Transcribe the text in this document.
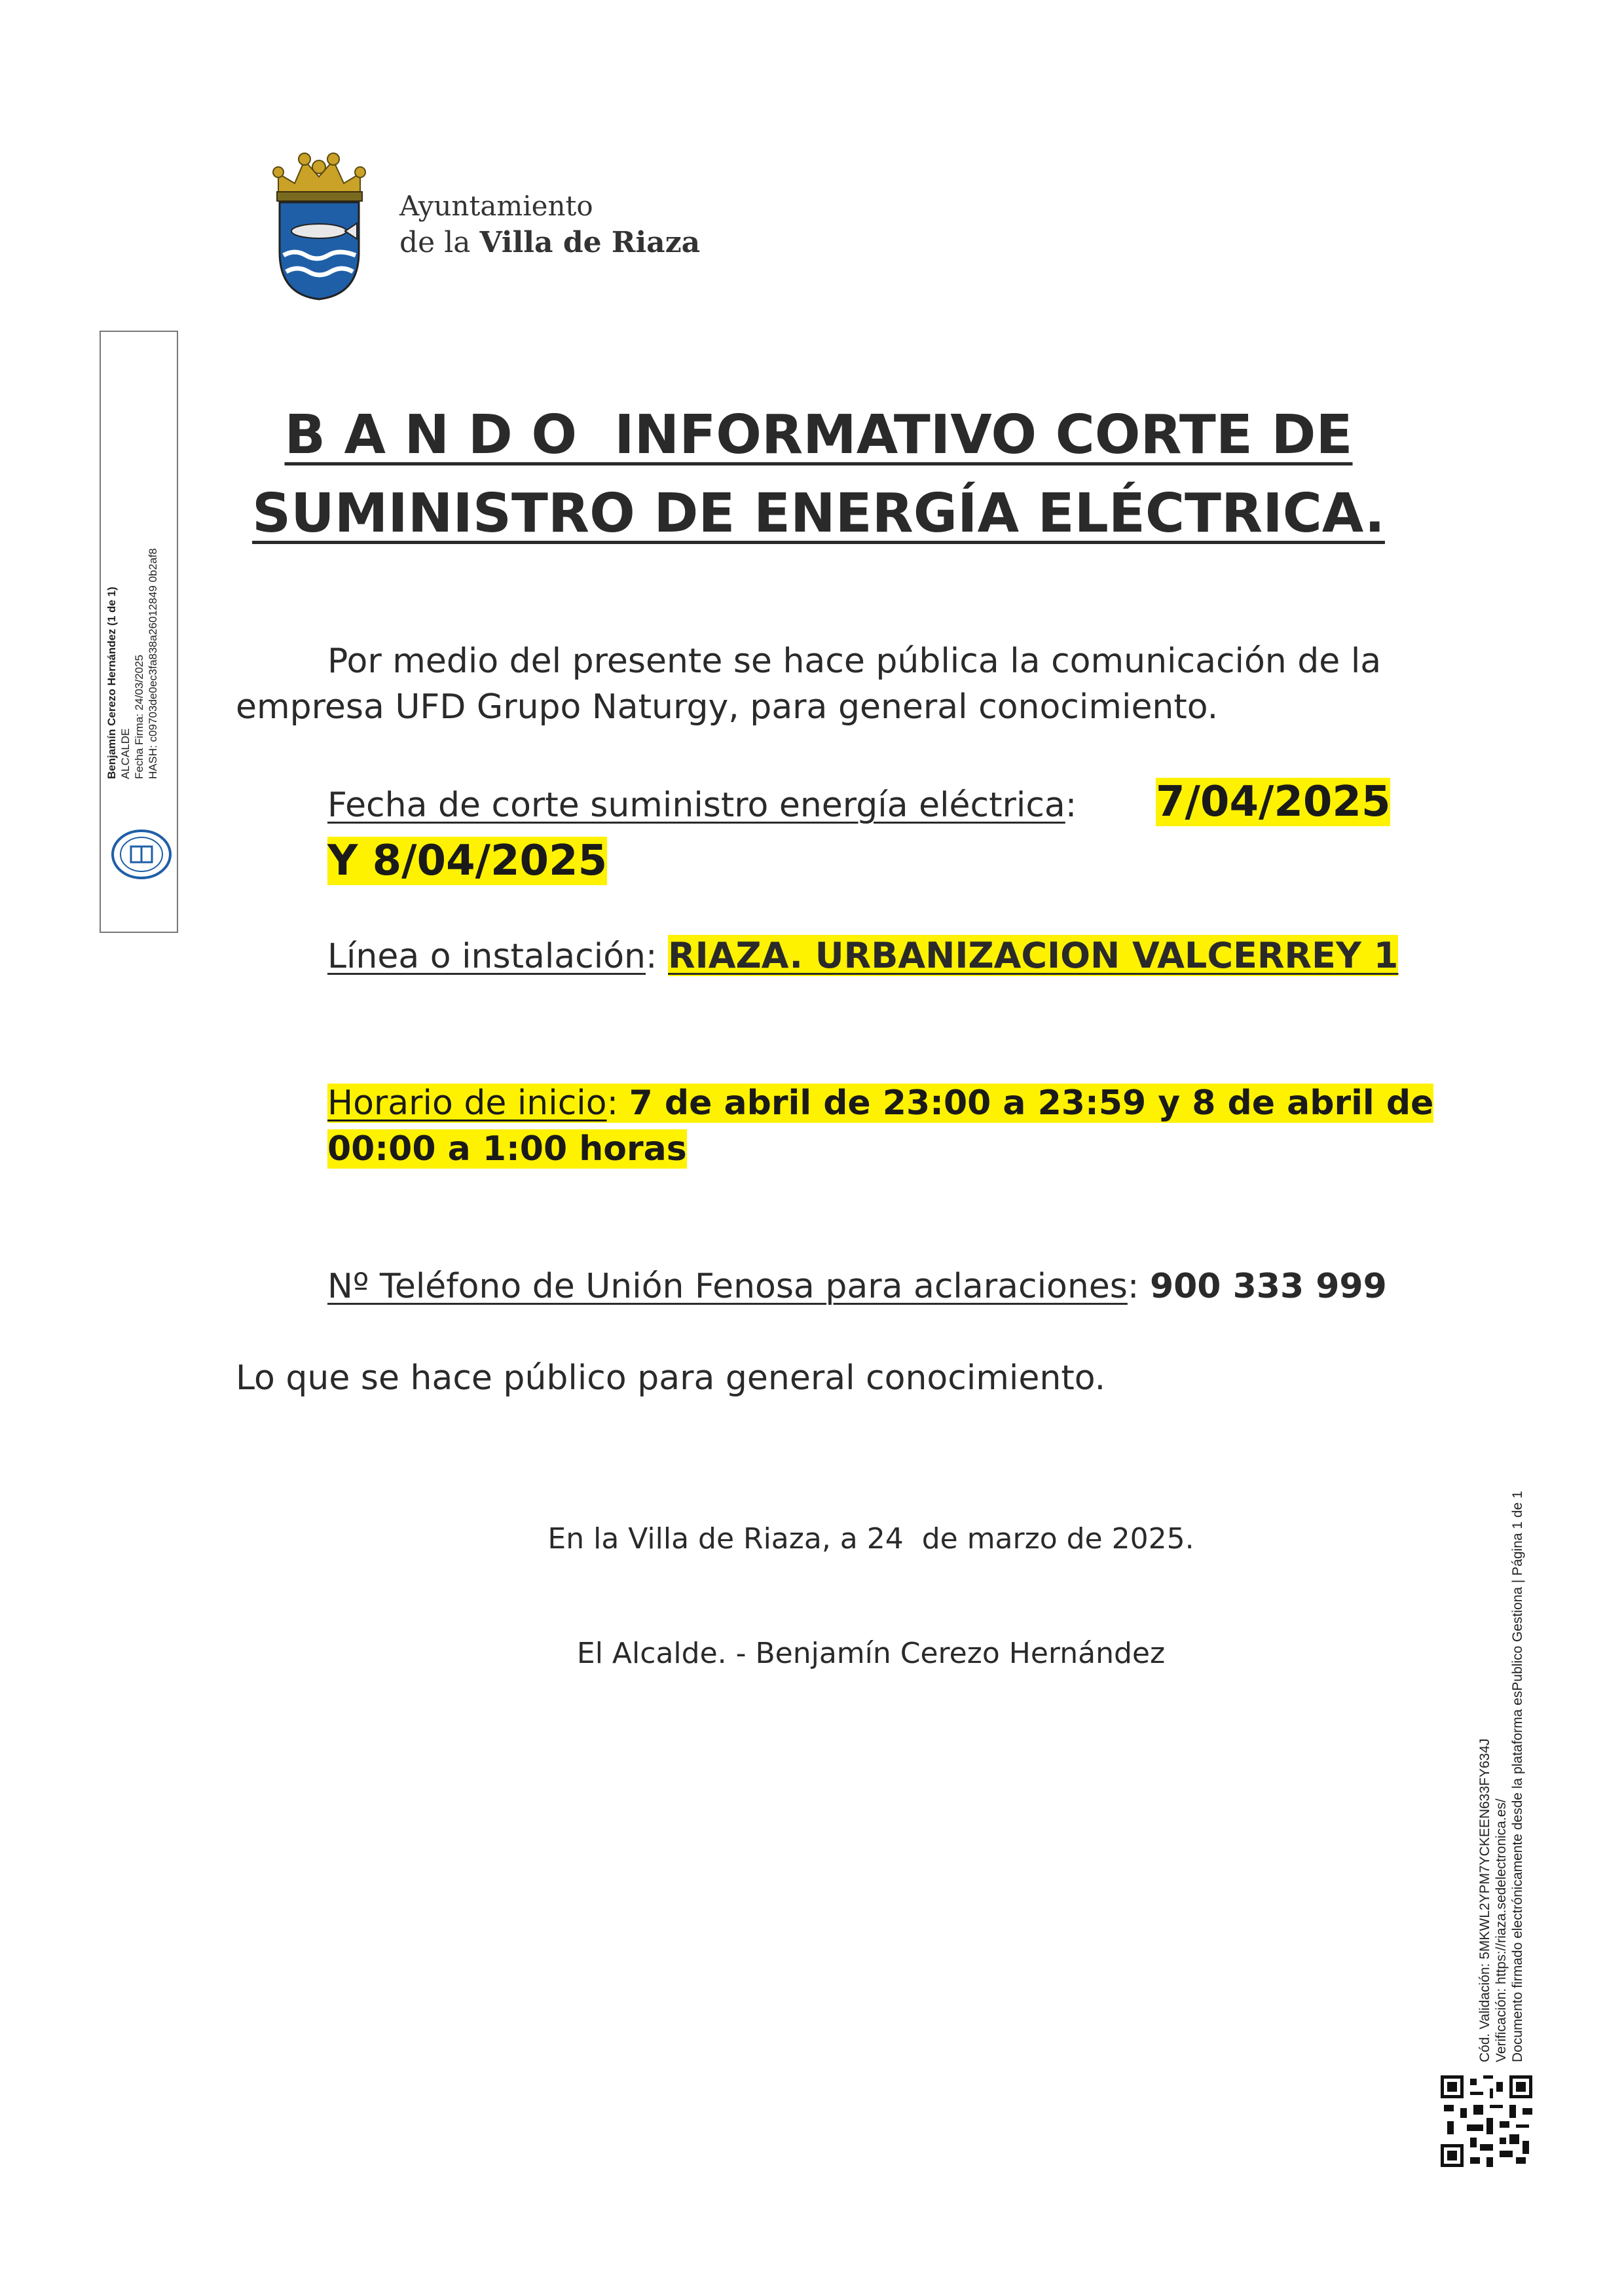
Ayuntamiento
de la Villa de Riaza
Benjamín Cerezo Hernández (1 de 1) ALCALDE Fecha Firma: 24/03/2025 HASH: c09703de0ec3fa838a26012849 0b2af8
B A N D O  INFORMATIVO CORTE DE
SUMINISTRO DE ENERGÍA ELÉCTRICA.
Por medio del presente se hace pública la comunicación de la empresa UFD Grupo Naturgy, para general conocimiento.
Fecha de corte suministro energía eléctrica: 7/04/2025
Y 8/04/2025
Línea o instalación: RIAZA. URBANIZACION VALCERREY 1
Horario de inicio: 7 de abril de 23:00 a 23:59 y 8 de abril de 00:00 a 1:00 horas
Nº Teléfono de Unión Fenosa para aclaraciones: 900 333 999
Lo que se hace público para general conocimiento.
En la Villa de Riaza, a 24  de marzo de 2025.
El Alcalde. - Benjamín Cerezo Hernández
Cód. Validación: 5MKWL2YPM7YCKEEN633FY634J Verificación: https://riaza.sedelectronica.es/ Documento firmado electrónicamente desde la plataforma esPublico Gestiona | Página 1 de 1
